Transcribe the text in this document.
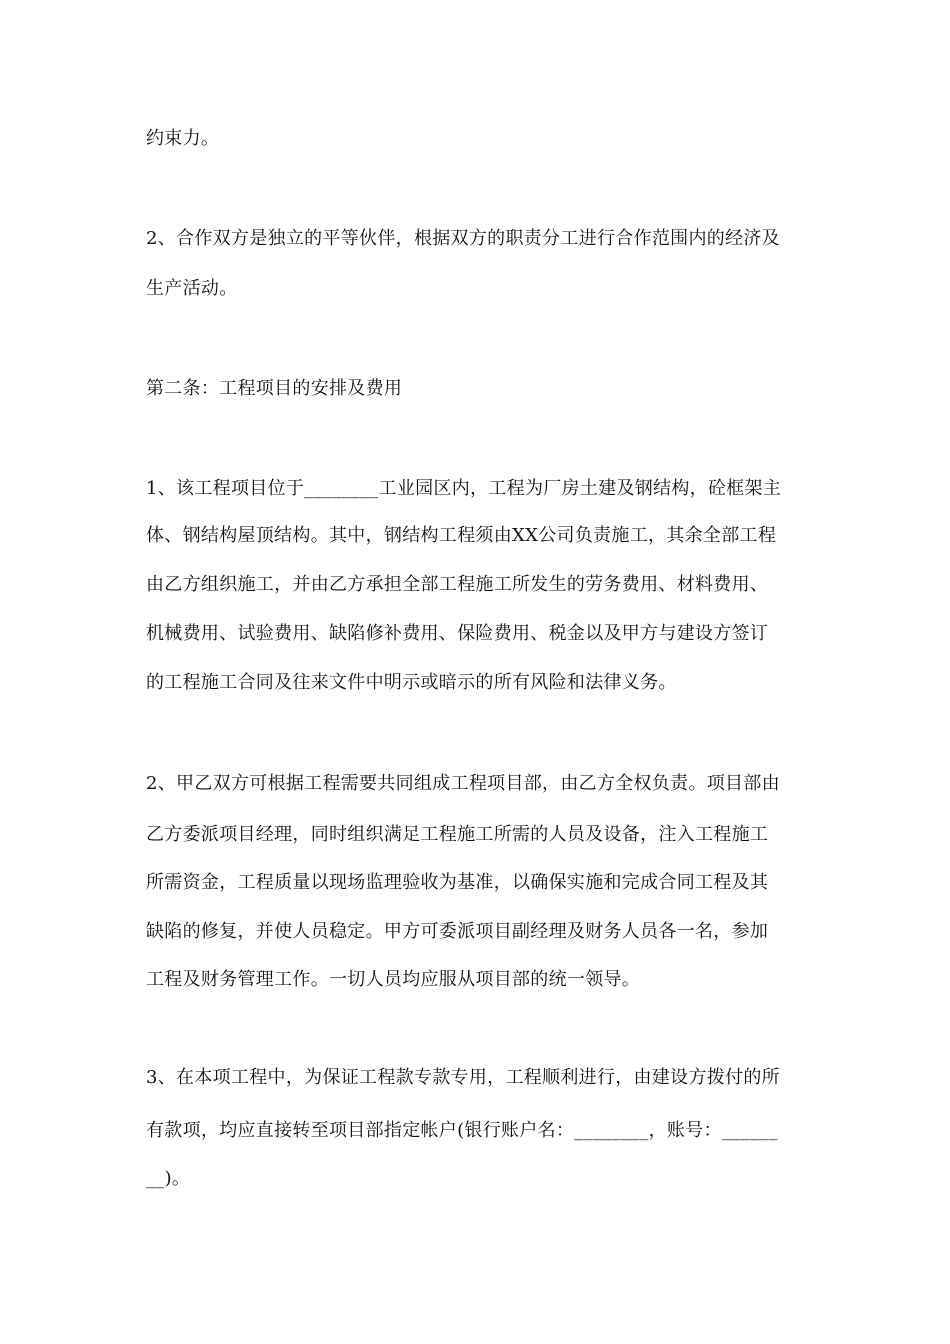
约束力。
2、合作双方是独立的平等伙伴，根据双方的职责分工进行合作范围内的经济及
生产活动。
第二条：工程项目的安排及费用
1、该工程项目位于________工业园区内，工程为厂房土建及钢结构，砼框架主
体、钢结构屋顶结构。其中，钢结构工程须由XX公司负责施工，其余全部工程
由乙方组织施工，并由乙方承担全部工程施工所发生的劳务费用、材料费用、
机械费用、试验费用、缺陷修补费用、保险费用、税金以及甲方与建设方签订
的工程施工合同及往来文件中明示或暗示的所有风险和法律义务。
2、甲乙双方可根据工程需要共同组成工程项目部，由乙方全权负责。项目部由
乙方委派项目经理，同时组织满足工程施工所需的人员及设备，注入工程施工
所需资金，工程质量以现场监理验收为基准，以确保实施和完成合同工程及其
缺陷的修复，并使人员稳定。甲方可委派项目副经理及财务人员各一名，参加
工程及财务管理工作。一切人员均应服从项目部的统一领导。
3、在本项工程中，为保证工程款专款专用，工程顺利进行，由建设方拨付的所
有款项，均应直接转至项目部指定帐户(银行账户名：________，账号：______
__)。
